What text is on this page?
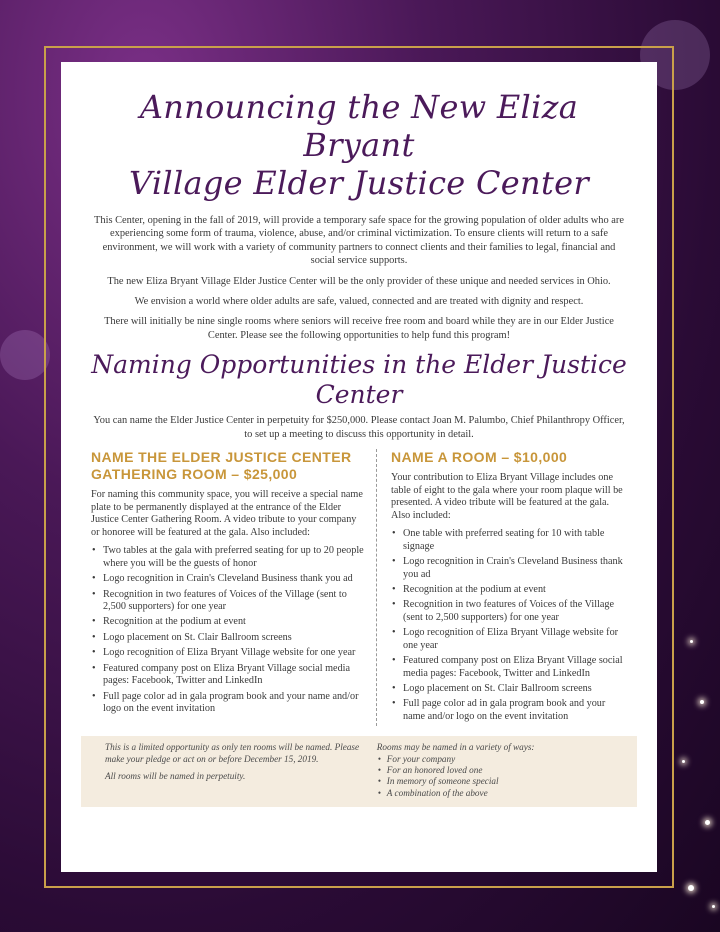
Announcing the New Eliza Bryant
Village Elder Justice Center

This Center, opening in the fall of 2019, will provide a temporary safe space for the growing population of older adults who are experiencing some form of trauma, violence, abuse, and/or criminal victimization. To ensure clients will return to a safe environment, we will work with a variety of community partners to connect clients and their families to legal, financial and social service supports.

The new Eliza Bryant Village Elder Justice Center will be the only provider of these unique and needed services in Ohio.

We envision a world where older adults are safe, valued, connected and are treated with dignity and respect.

There will initially be nine single rooms where seniors will receive free room and board while they are in our Elder Justice Center. Please see the following opportunities to help fund this program!

Naming Opportunities in the Elder Justice Center

You can name the Elder Justice Center in perpetuity for $250,000. Please contact Joan M. Palumbo, Chief Philanthropy Officer, to set up a meeting to discuss this opportunity in detail.

NAME THE ELDER JUSTICE CENTER GATHERING ROOM – $25,000

For naming this community space, you will receive a special name plate to be permanently displayed at the entrance of the Elder Justice Center Gathering Room. A video tribute to your company or honoree will be featured at the gala. Also included:

• Two tables at the gala with preferred seating for up to 20 people where you will be the guests of honor
• Logo recognition in Crain's Cleveland Business thank you ad
• Recognition in two features of Voices of the Village (sent to 2,500 supporters) for one year
• Recognition at the podium at event
• Logo placement on St. Clair Ballroom screens
• Logo recognition of Eliza Bryant Village website for one year
• Featured company post on Eliza Bryant Village social media pages: Facebook, Twitter and LinkedIn
• Full page color ad in gala program book and your name and/or logo on the event invitation
NAME A ROOM – $10,000

Your contribution to Eliza Bryant Village includes one table of eight to the gala where your room plaque will be presented. A video tribute will be featured at the gala. Also included:

• One table with preferred seating for 10 with table signage
• Logo recognition in Crain's Cleveland Business thank you ad
• Recognition at the podium at event
• Recognition in two features of Voices of the Village (sent to 2,500 supporters) for one year
• Logo recognition of Eliza Bryant Village website for one year
• Featured company post on Eliza Bryant Village social media pages: Facebook, Twitter and LinkedIn
• Logo placement on St. Clair Ballroom screens
• Full page color ad in gala program book and your name and/or logo on the event invitation

This is a limited opportunity as only ten rooms will be named. Please make your pledge or act on or before December 15, 2019.

All rooms will be named in perpetuity.

Rooms may be named in a variety of ways:
• For your company
• For an honored loved one
• In memory of someone special
• A combination of the above
